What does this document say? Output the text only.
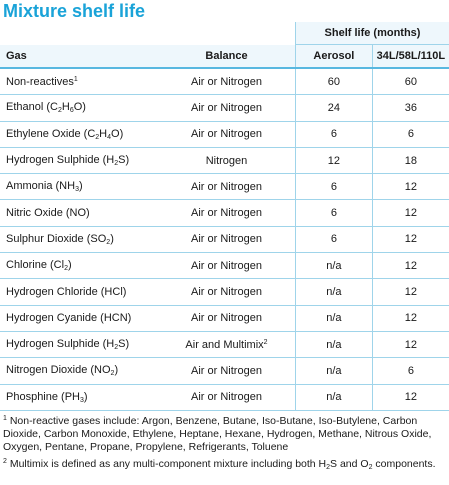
Mixture shelf life
		Shelf life (months)	
Gas	Balance	Aerosol	34L/58L/110L
Non-reactives$^1$	Air or Nitrogen	60	60
Ethanol $(C_2H_6O)$	Air or Nitrogen	24	36
Ethylene Oxide $(C_2H_4O)$	Air or Nitrogen	6	6
Hydrogen Sulphide $(H_2S)$	Nitrogen	12	18
Ammonia $(NH_3)$	Air or Nitrogen	6	12
Nitric Oxide (NO)	Air or Nitrogen	6	12
Sulphur Dioxide $(SO_2)$	Air or Nitrogen	6	12
Chlorine $(Cl_2)$	Air or Nitrogen	n/a	12
Hydrogen Chloride (HCl)	Air or Nitrogen	n/a	12
Hydrogen Cyanide (HCN)	Air or Nitrogen	n/a	12
Hydrogen Sulphide $(H_2S)$	Air and Multimix$^2$	n/a	12
Nitrogen Dioxide $(NO_2)$	Air or Nitrogen	n/a	6
Phosphine $(PH_3)$	Air or Nitrogen	n/a	12

$^1$ Non-reactive gases include: Argon, Benzene, Butane, Iso-Butane, Iso-Butylene, Carbon Dioxide, Carbon Monoxide, Ethylene, Heptane, Hexane, Hydrogen, Methane, Nitrous Oxide, Oxygen, Pentane, Propane, Propylene, Refrigerants, Toluene

$^2$ Multimix is defined as any multi-component mixture including both $H_2S$ and $O_2$ components.
